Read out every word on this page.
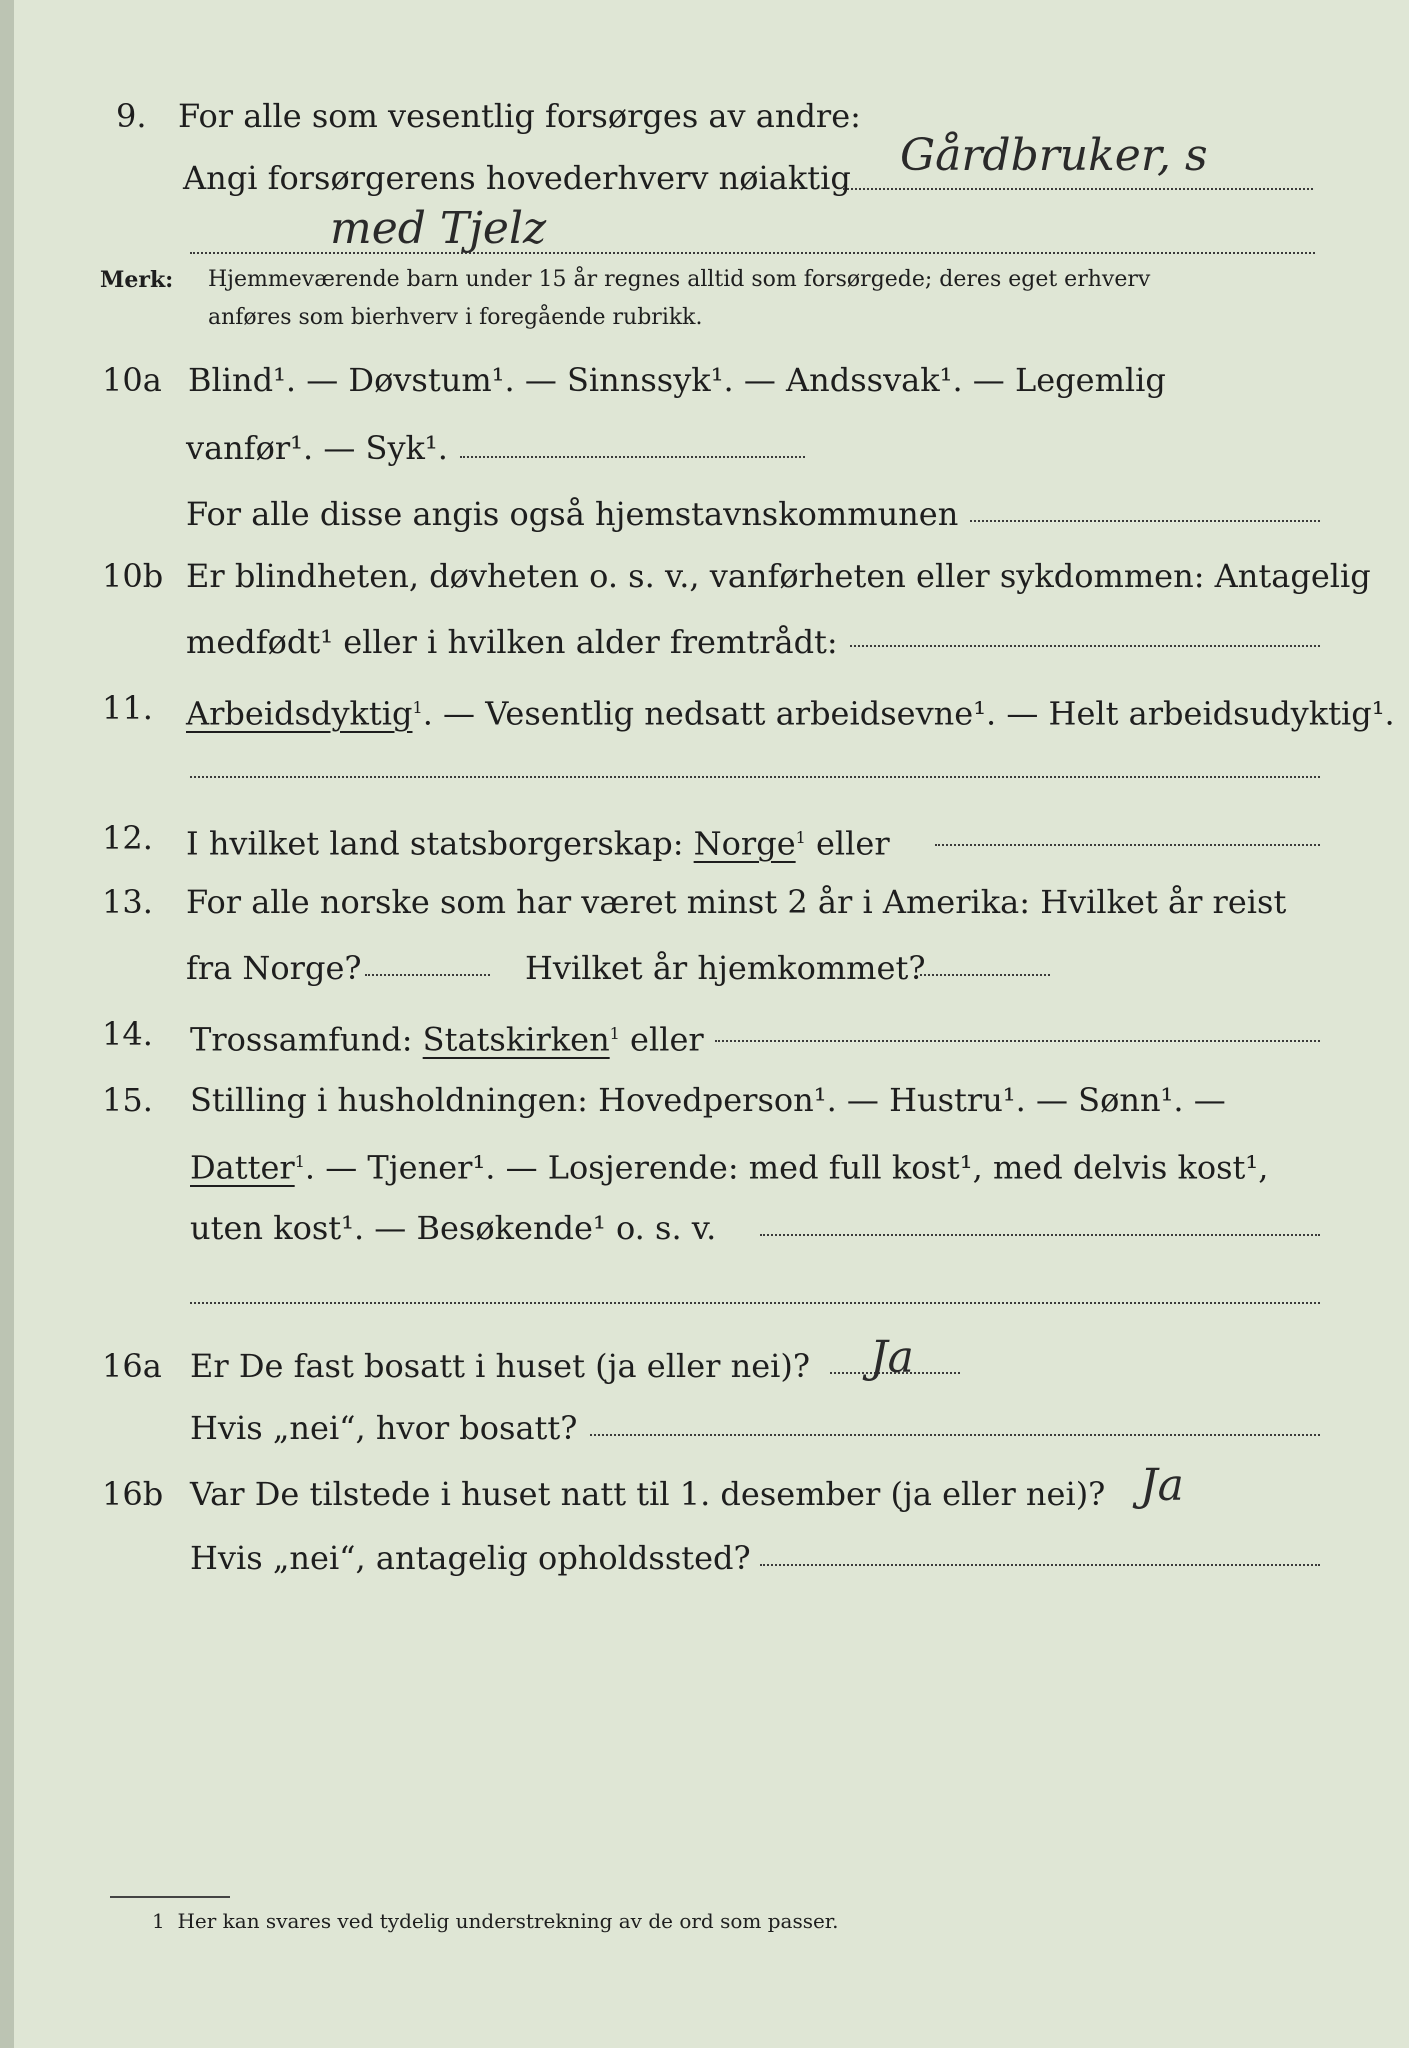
9. For alle som vesentlig forsørges av andre:
Angi forsørgerens hovederhverv nøiaktig Gårdbruker, s
med Tjelz
Merk: Hjemmeværende barn under 15 år regnes alltid som forsørgede; deres eget erhverv
anføres som bierhverv i foregående rubrikk.
10a Blind¹. — Døvstum¹. — Sinnssyk¹. — Andssvak¹. — Legemlig
vanfør¹. — Syk¹.
For alle disse angis også hjemstavnskommunen
10b Er blindheten, døvheten o. s. v., vanførheten eller sykdommen: Antagelig
medfødt¹ eller i hvilken alder fremtrådt:
11. Arbeidsdyktig$^1$. — Vesentlig nedsatt arbeidsevne¹. — Helt arbeidsudyktig¹.
12. I hvilket land statsborgerskap: Norge$^1$ eller
13. For alle norske som har været minst 2 år i Amerika: Hvilket år reist
fra Norge?	Hvilket år hjemkommet?
14. Trossamfund: Statskirken$^1$ eller
15. Stilling i husholdningen: Hovedperson¹. — Hustru¹. — Sønn¹. —
Datter$^1$. — Tjener¹. — Losjerende: med full kost¹, med delvis kost¹,
uten kost¹. — Besøkende¹ o. s. v.
16a Er De fast bosatt i huset (ja eller nei)? Ja
Hvis „nei“, hvor bosatt?
16b Var De tilstede i huset natt til 1. desember (ja eller nei)? Ja
Hvis „nei“, antagelig opholdssted?
1 Her kan svares ved tydelig understrekning av de ord som passer.
